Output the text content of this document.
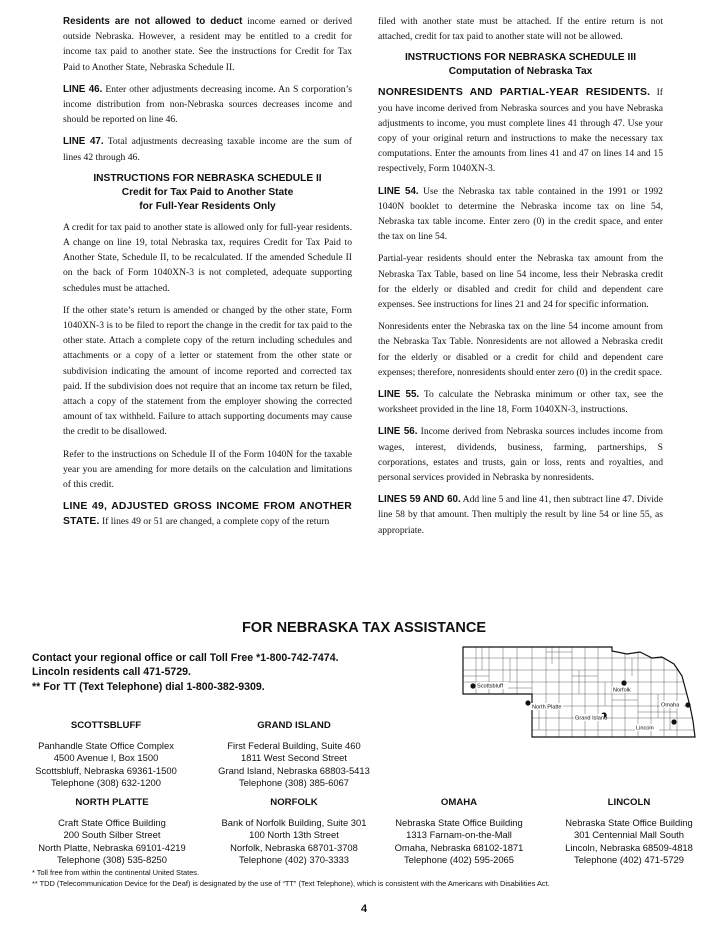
Residents are not allowed to deduct income earned or derived outside Nebraska. However, a resident may be entitled to a credit for income tax paid to another state. See the instructions for Credit for Tax Paid to Another State, Nebraska Schedule II.

LINE 46. Enter other adjustments decreasing income. An S corporation’s income distribution from non-Nebraska sources decreases income and should be reported on line 46.

LINE 47. Total adjustments decreasing taxable income are the sum of lines 42 through 46.

INSTRUCTIONS FOR NEBRASKA SCHEDULE II
Credit for Tax Paid to Another State
for Full-Year Residents Only

A credit for tax paid to another state is allowed only for full-year residents. A change on line 19, total Nebraska tax, requires Credit for Tax Paid to Another State, Schedule II, to be recalculated. If the amended Schedule II on the back of Form 1040XN-3 is not completed, adequate supporting schedules must be attached.

If the other state’s return is amended or changed by the other state, Form 1040XN-3 is to be filed to report the change in the credit for tax paid to the other state. Attach a complete copy of the return including schedules and attachments or a copy of a letter or statement from the other state or subdivision indicating the amount of income reported and corrected tax paid. If the subdivision does not require that an income tax return be filed, attach a copy of the statement from the employer showing the corrected amount of tax withheld. Failure to attach supporting documents may cause the credit to be disallowed.

Refer to the instructions on Schedule II of the Form 1040N for the taxable year you are amending for more details on the calculation and limitations of this credit.

LINE 49, ADJUSTED GROSS INCOME FROM ANOTHER STATE. If lines 49 or 51 are changed, a complete copy of the return

filed with another state must be attached. If the entire return is not attached, credit for tax paid to another state will not be allowed.

INSTRUCTIONS FOR NEBRASKA SCHEDULE III
Computation of Nebraska Tax

NONRESIDENTS AND PARTIAL-YEAR RESIDENTS. If you have income derived from Nebraska sources and you have Nebraska adjustments to income, you must complete lines 41 through 47. Use your copy of your original return and instructions to make the necessary tax computations. Enter the amounts from lines 41 and 47 on lines 14 and 15 respectively, Form 1040XN-3.

LINE 54. Use the Nebraska tax table contained in the 1991 or 1992 1040N booklet to determine the Nebraska income tax on line 54, Nebraska tax table income. Enter zero (0) in the credit space, and enter the tax on line 54.

Partial-year residents should enter the Nebraska tax amount from the Nebraska Tax Table, based on line 54 income, less their Nebraska credit for the elderly or disabled and credit for child and dependent care expenses. See instructions for lines 21 and 24 for specific information.

Nonresidents enter the Nebraska tax on the line 54 income amount from the Nebraska Tax Table. Nonresidents are not allowed a Nebraska credit for the elderly or disabled or a credit for child and dependent care expenses; therefore, nonresidents should enter zero (0) in the credit space.

LINE 55. To calculate the Nebraska minimum or other tax, see the worksheet provided in the line 18, Form 1040XN-3, instructions.

LINE 56. Income derived from Nebraska sources includes income from wages, interest, dividends, business, farming, partnerships, S corporations, estates and trusts, gain or loss, rents and royalties, and personal services provided in Nebraska by nonresidents.

LINES 59 AND 60. Add line 5 and line 41, then subtract line 47. Divide line 58 by that amount. Then multiply the result by line 54 or line 55, as appropriate.

FOR NEBRASKA TAX ASSISTANCE
Contact your regional office or call Toll Free *1-800-742-7474.
Lincoln residents call 471-5729.
** For TT (Text Telephone) dial 1-800-382-9309.	Scottsbluff
Norfolk
North Platte	Omaha
Grand Island
Lincoln
SCOTTSBLUFF
Panhandle State Office Complex
4500 Avenue I, Box 1500
Scottsbluff, Nebraska 69361-1500
Telephone (308) 632-1200
GRAND ISLAND
First Federal Building, Suite 460
1811 West Second Street
Grand Island, Nebraska 68803-5413
Telephone (308) 385-6067
NORTH PLATTE
Craft State Office Building
200 South Silber Street
North Platte, Nebraska 69101-4219
Telephone (308) 535-8250
NORFOLK
Bank of Norfolk Building, Suite 301
100 North 13th Street
Norfolk, Nebraska 68701-3708
Telephone (402) 370-3333
OMAHA
Nebraska State Office Building
1313 Farnam-on-the-Mall
Omaha, Nebraska 68102-1871
Telephone (402) 595-2065
LINCOLN
Nebraska State Office Building
301 Centennial Mall South
Lincoln, Nebraska 68509-4818
Telephone (402) 471-5729
* Toll free from within the continental United States.
** TDD (Telecommunication Device for the Deaf) is designated by the use of “TT” (Text Telephone), which is consistent with the Americans with Disabilities Act.
4
